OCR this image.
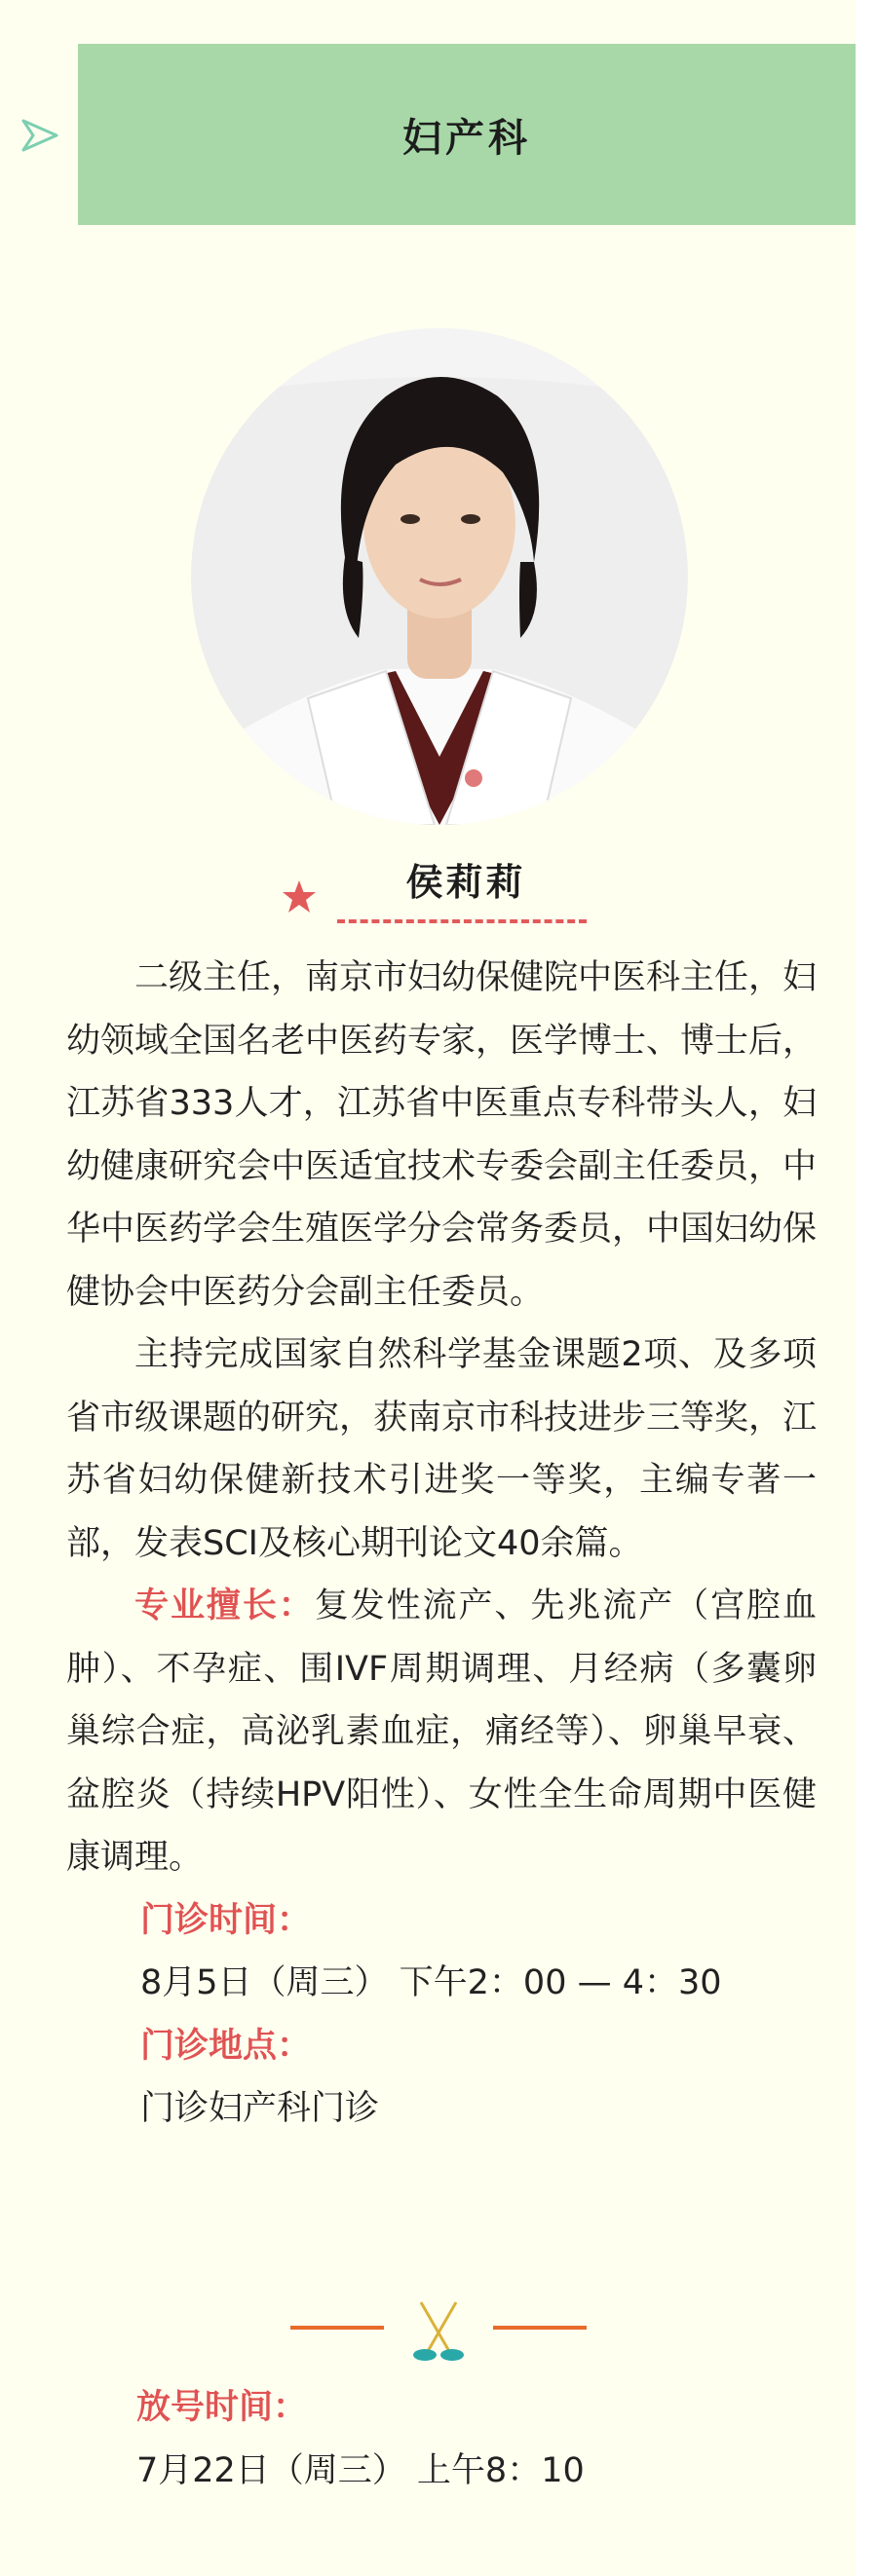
妇产科
侯莉莉

二级主任，南京市妇幼保健院中医科主任，妇幼领域全国名老中医药专家，医学博士、博士后，江苏省333人才，江苏省中医重点专科带头人，妇幼健康研究会中医适宜技术专委会副主任委员，中华中医药学会生殖医学分会常务委员，中国妇幼保健协会中医药分会副主任委员。

主持完成国家自然科学基金课题2项、及多项省市级课题的研究，获南京市科技进步三等奖，江苏省妇幼保健新技术引进奖一等奖，主编专著一部，发表SCI及核心期刊论文40余篇。

专业擅长：复发性流产、先兆流产（宫腔血肿）、不孕症、围IVF周期调理、月经病（多囊卵巢综合症，高泌乳素血症，痛经等）、卵巢早衰、盆腔炎（持续HPV阳性）、女性全生命周期中医健康调理。

门诊时间：
8月5日（周三） 下午2：00 — 4：30
门诊地点：
门诊妇产科门诊
放号时间：
7月22日（周三） 上午8：10
